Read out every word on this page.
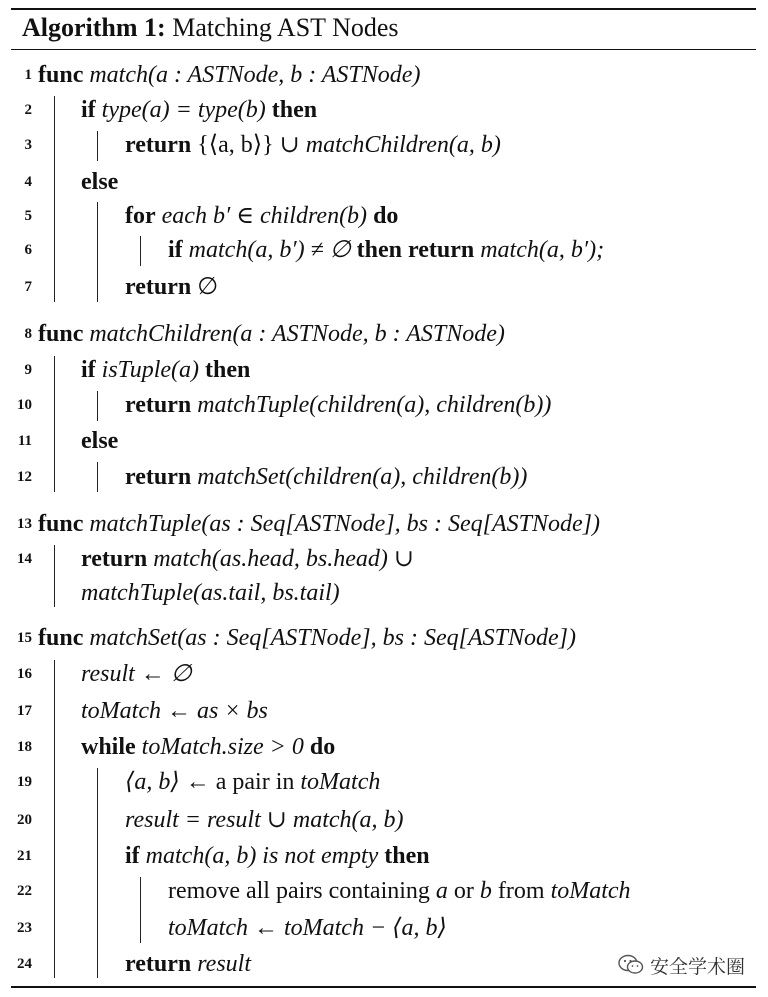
Algorithm 1: Matching AST Nodes
1
2
3
4
5
6
7
8
9
10
11
12
13
14
15
16
17
18
19
20
21
22
23
24
func match(a : ASTNode, b : ASTNode)
if type(a) = type(b) then
return {⟨a, b⟩} ∪ matchChildren(a, b)
else
for each b′ ∈ children(b) do
if match(a, b′) ≠ ∅ then return match(a, b′);
return ∅
func matchChildren(a : ASTNode, b : ASTNode)
if isTuple(a) then
return matchTuple(children(a), children(b))
else
return matchSet(children(a), children(b))
func matchTuple(as : Seq[ASTNode], bs : Seq[ASTNode])
return match(as.head, bs.head) ∪
matchTuple(as.tail, bs.tail)
func matchSet(as : Seq[ASTNode], bs : Seq[ASTNode])
result ← ∅
toMatch ← as × bs
while toMatch.size > 0 do
⟨a, b⟩ ← a pair in toMatch
result = result ∪ match(a, b)
if match(a, b) is not empty then
remove all pairs containing a or b from toMatch
toMatch ← toMatch − ⟨a, b⟩
return result	安全学术圈
